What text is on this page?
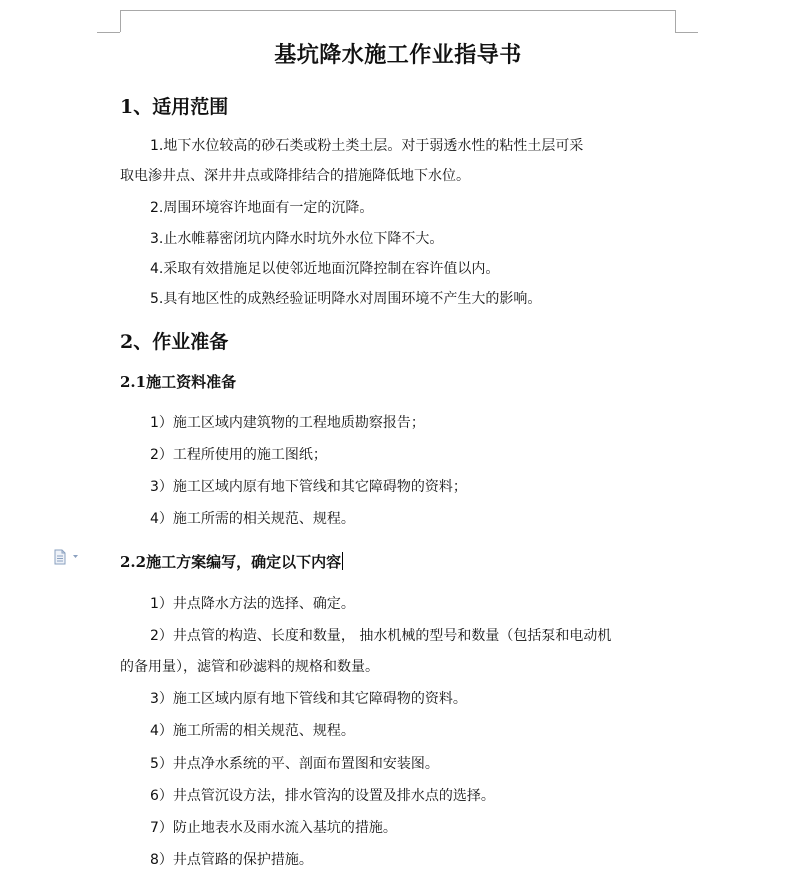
基坑降水施工作业指导书
1、适用范围
1.地下水位较高的砂石类或粉土类土层。对于弱透水性的粘性土层可采
取电渗井点、深井井点或降排结合的措施降低地下水位。
2.周围环境容许地面有一定的沉降。
3.止水帷幕密闭坑内降水时坑外水位下降不大。
4.采取有效措施足以使邻近地面沉降控制在容许值以内。
5.具有地区性的成熟经验证明降水对周围环境不产生大的影响。
2、作业准备
2.1施工资料准备
1）施工区域内建筑物的工程地质勘察报告；
2）工程所使用的施工图纸；
3）施工区域内原有地下管线和其它障碍物的资料；
4）施工所需的相关规范、规程。
2.2施工方案编写，确定以下内容
1）井点降水方法的选择、确定。
2）井点管的构造、长度和数量， 抽水机械的型号和数量（包括泵和电动机
的备用量），滤管和砂滤料的规格和数量。
3）施工区域内原有地下管线和其它障碍物的资料。
4）施工所需的相关规范、规程。
5）井点净水系统的平、剖面布置图和安装图。
6）井点管沉设方法，排水管沟的设置及排水点的选择。
7）防止地表水及雨水流入基坑的措施。
8）井点管路的保护措施。
